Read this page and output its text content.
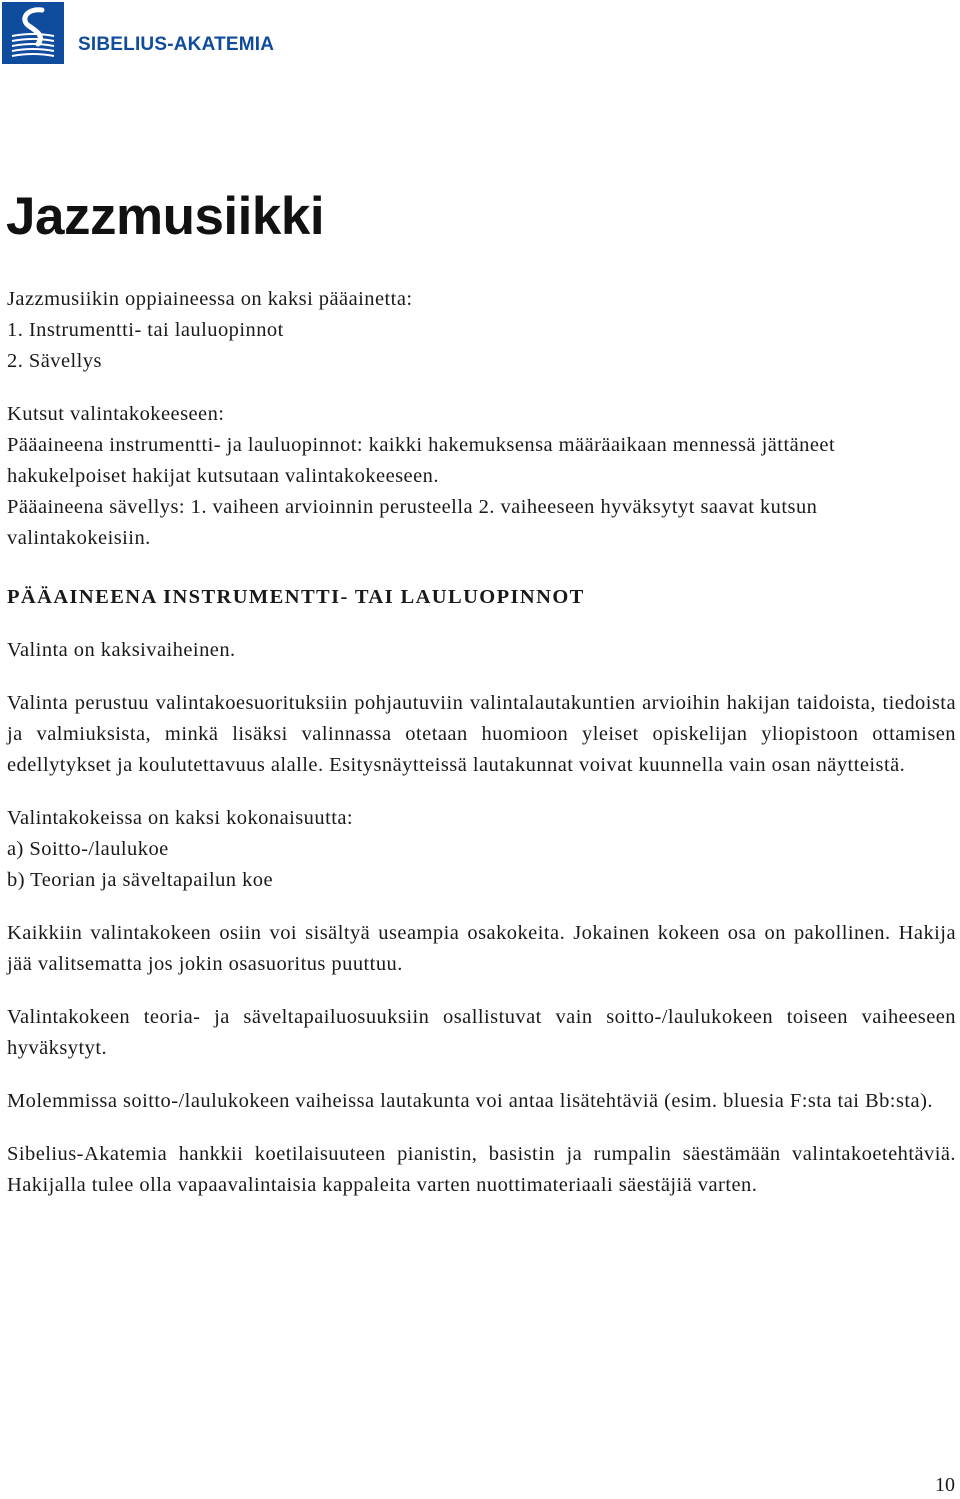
SIBELIUS-AKATEMIA
Jazzmusiikki

Jazzmusiikin oppiaineessa on kaksi pääainetta:

1. Instrumentti- tai lauluopinnot

2. Sävellys

Kutsut valintakokeeseen:

Pääaineena instrumentti- ja lauluopinnot: kaikki hakemuksensa määräaikaan mennessä jättäneet hakukelpoiset hakijat kutsutaan valintakokeeseen.

Pääaineena sävellys: 1. vaiheen arvioinnin perusteella 2. vaiheeseen hyväksytyt saavat kutsun valintakokeisiin.

PÄÄAINEENA INSTRUMENTTI- TAI LAULUOPINNOT

Valinta on kaksivaiheinen.

Valinta perustuu valintakoesuorituksiin pohjautuviin valintalautakuntien arvioihin hakijan taidoista, tiedoista ja valmiuksista, minkä lisäksi valinnassa otetaan huomioon yleiset opiskelijan yliopistoon ottamisen edellytykset ja koulutettavuus alalle. Esitysnäytteissä lautakunnat voivat kuunnella vain osan näytteistä.

Valintakokeissa on kaksi kokonaisuutta:

a) Soitto-/laulukoe

b) Teorian ja säveltapailun koe

Kaikkiin valintakokeen osiin voi sisältyä useampia osakokeita. Jokainen kokeen osa on pakollinen. Hakija jää valitsematta jos jokin osasuoritus puuttuu.

Valintakokeen teoria- ja säveltapailuosuuksiin osallistuvat vain soitto-/laulukokeen toiseen vaiheeseen hyväksytyt.

Molemmissa soitto-/laulukokeen vaiheissa lautakunta voi antaa lisätehtäviä (esim. bluesia F:sta tai Bb:sta).

Sibelius-Akatemia hankkii koetilaisuuteen pianistin, basistin ja rumpalin säestämään valintakoetehtäviä. Hakijalla tulee olla vapaavalintaisia kappaleita varten nuottimateriaali säestäjiä varten.

10
